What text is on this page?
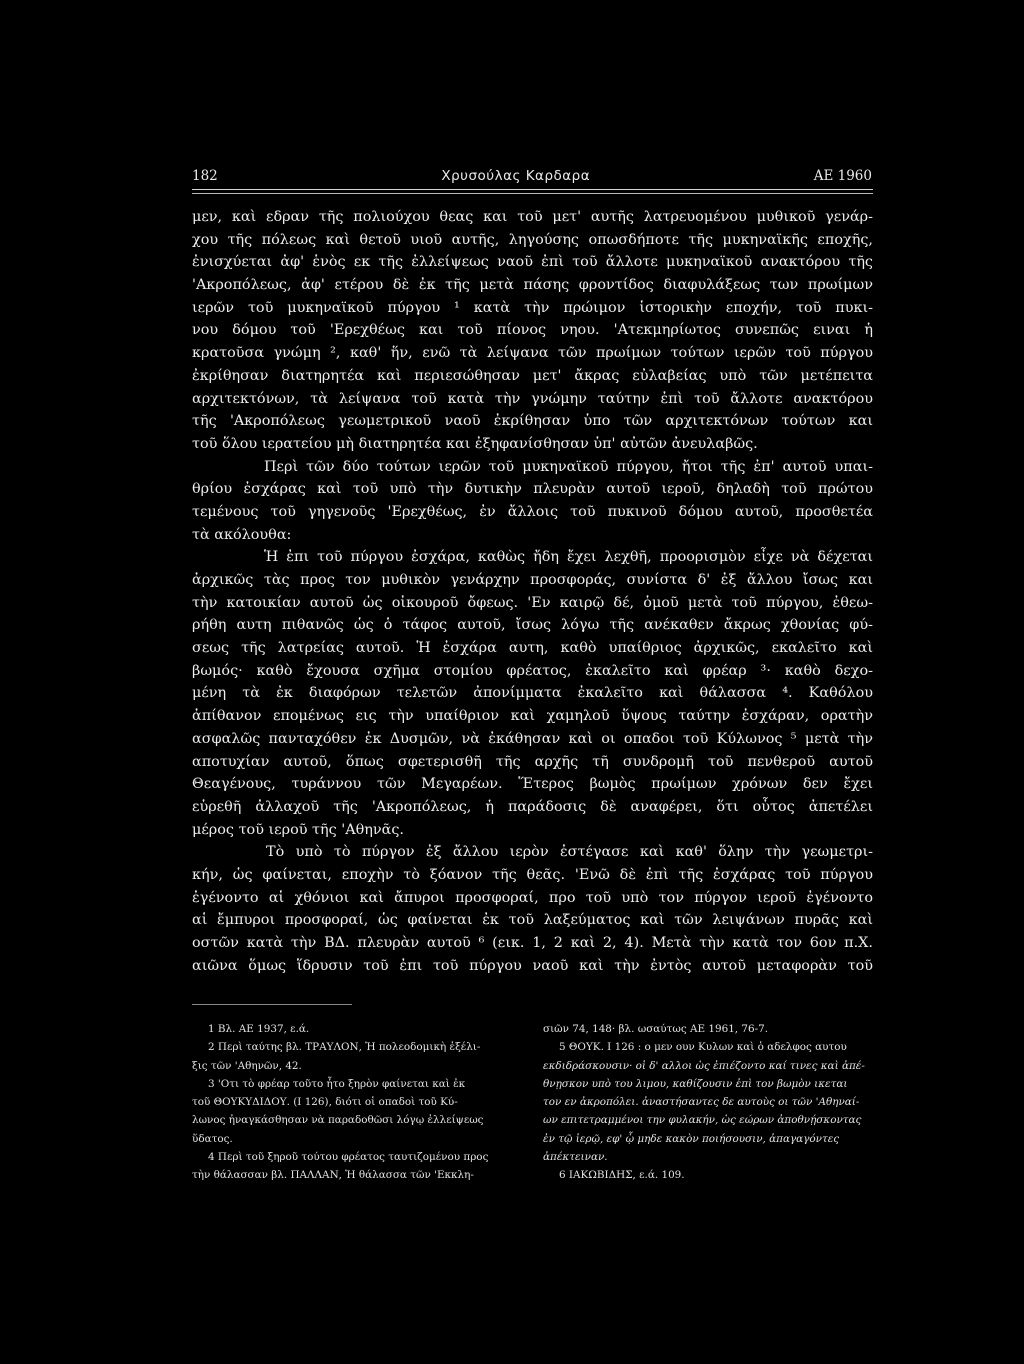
182	Χρυσούλας Καρδαρα	ΑΕ 1960
μεν, καὶ εδραν τῆς πολιούχου θεας και τοῦ μετ' αυτῆς λατρευομένου μυθικοῦ γενάρ-
χου τῆς πόλεως καὶ θετοῦ υιοῦ αυτῆς, ληγούσης οπωσδήποτε τῆς μυκηναϊκῆς εποχῆς,
ἐνισχύεται ἀφ' ἑνὸς εκ τῆς ἐλλείψεως ναοῦ ἐπὶ τοῦ ἄλλοτε μυκηναϊκοῦ ανακτόρου τῆς
'Ακροπόλεως, ἀφ' ετέρου δὲ ἐκ τῆς μετὰ πάσης φροντίδος διαφυλάξεως των πρωίμων
ιερῶν τοῦ μυκηναϊκοῦ πύργου ¹ κατὰ τὴν πρώιμον ἱστορικὴν εποχήν, τοῦ πυκι-
νου δόμου τοῦ 'Ερεχθέως και τοῦ πίονος νηου. 'Ατεκμηρίωτος συνεπῶς ειναι ἡ
κρατοῦσα γνώμη ², καθ' ἥν, ενῶ τὰ λείψανα τῶν πρωίμων τούτων ιερῶν τοῦ πύργου
ἐκρίθησαν διατηρητέα καὶ περιεσώθησαν μετ' ἄκρας εὐλαβείας υπὸ τῶν μετέπειτα
αρχιτεκτόνων, τὰ λείψανα τοῦ κατὰ τὴν γνώμην ταύτην ἐπὶ τοῦ ἄλλοτε ανακτόρου
τῆς 'Ακροπόλεως γεωμετρικοῦ ναοῦ ἐκρίθησαν ὑπο τῶν αρχιτεκτόνων τούτων και
τοῦ ὅλου ιερατείου μὴ διατηρητέα και ἐξηφανίσθησαν ὑπ' αὐτῶν ἀνευλαβῶς.
Περὶ τῶν δύο τούτων ιερῶν τοῦ μυκηναϊκοῦ πύργου, ἤτοι τῆς ἐπ' αυτοῦ υπαι-
θρίου ἐσχάρας καὶ τοῦ υπὸ τὴν δυτικὴν πλευρὰν αυτοῦ ιεροῦ, δηλαδὴ τοῦ πρώτου
τεμένους τοῦ γηγενοῦς 'Ερεχθέως, ἐν ἄλλοις τοῦ πυκινοῦ δόμου αυτοῦ, προσθετέα
τὰ ακόλουθα:
Ἡ ἐπι τοῦ πύργου ἐσχάρα, καθὼς ἤδη ἔχει λεχθῆ, προορισμὸν εἶχε νὰ δέχεται
ἀρχικῶς τὰς προς τον μυθικὸν γενάρχην προσφοράς, συνίστα δ' ἐξ ἄλλου ἴσως και
τὴν κατοικίαν αυτοῦ ὡς οἰκουροῦ ὄφεως. 'Εν καιρῷ δέ, ὁμοῦ μετὰ τοῦ πύργου, ἐθεω-
ρήθη αυτη πιθανῶς ὡς ὁ τάφος αυτοῦ, ἴσως λόγω τῆς ανέκαθεν ἄκρως χθονίας φύ-
σεως τῆς λατρείας αυτοῦ. Ἡ ἐσχάρα αυτη, καθὸ υπαίθριος ἀρχικῶς, εκαλεῖτο καὶ
βωμός· καθὸ ἔχουσα σχῆμα στομίου φρέατος, ἐκαλεῖτο καὶ φρέαρ ³· καθὸ δεχο-
μένη τὰ ἐκ διαφόρων τελετῶν ἀπονίμματα ἐκαλεῖτο καὶ θάλασσα ⁴. Καθόλου
ἀπίθανον επομένως εις τὴν υπαίθριον καὶ χαμηλοῦ ὕψους ταύτην ἐσχάραν, ορατὴν
ασφαλῶς πανταχόθεν ἐκ Δυσμῶν, νὰ ἐκάθησαν καὶ οι οπαδοι τοῦ Κύλωνος ⁵ μετὰ τὴν
αποτυχίαν αυτοῦ, ὅπως σφετερισθῆ τῆς αρχῆς τῆ συνδρομῆ τοῦ πενθεροῦ αυτοῦ
Θεαγένους, τυράννου τῶν Μεγαρέων. Ἕτερος βωμὸς πρωίμων χρόνων δεν ἔχει
εὑρεθῆ ἀλλαχοῦ τῆς 'Ακροπόλεως, ἡ παράδοσις δὲ αναφέρει, ὅτι οὗτος ἀπετέλει
μέρος τοῦ ιεροῦ τῆς 'Αθηνᾶς.
Τὸ υπὸ τὸ πύργον ἐξ ἄλλου ιερὸν ἐστέγασε καὶ καθ' ὅλην τὴν γεωμετρι-
κήν, ὡς φαίνεται, εποχὴν τὸ ξόανον τῆς θεᾶς. 'Ενῶ δὲ ἐπὶ τῆς ἐσχάρας τοῦ πύργου
ἐγένοντο αἱ χθόνιοι καὶ ἄπυροι προσφοραί, προ τοῦ υπὸ τον πύργον ιεροῦ ἐγένοντο
αἱ ἔμπυροι προσφοραί, ὡς φαίνεται ἐκ τοῦ λαξεύματος καὶ τῶν λειψάνων πυρᾶς καὶ
οστῶν κατὰ τὴν ΒΔ. πλευρὰν αυτοῦ ⁶ (εικ. 1, 2 καὶ 2, 4). Μετὰ τὴν κατὰ τον 6ον π.Χ.
αιῶνα ὅμως ἵδρυσιν τοῦ ἐπι τοῦ πύργου ναοῦ καὶ τὴν ἐντὸς αυτοῦ μεταφορὰν τοῦ
1 Βλ. ΑΕ 1937, ε.ά.
2 Περὶ ταύτης βλ. ΤΡΑΥΛΟΝ, Ἡ πολεοδομικὴ ἐξέλι-
ξις τῶν 'Αθηνῶν, 42.
3 'Οτι τὸ φρέαρ τοῦτο ἦτο ξηρὸν φαίνεται καὶ ἐκ
τοῦ ΘΟΥΚΥΔΙΔΟΥ. (Ι 126), διότι οἱ οπαδοὶ τοῦ Κύ-
λωνος ἠναγκάσθησαν νὰ παραδοθῶσι λόγῳ ἐλλείψεως
ὕδατος.
4 Περὶ τοῦ ξηροῦ τούτου φρέατος ταυτιζομένου προς
τὴν θάλασσαν βλ. ΠΑΛΛΑΝ, Ἡ θάλασσα τῶν 'Εκκλη-
σιῶν 74, 148· βλ. ωσαύτως ΑΕ 1961, 76-7.
5 ΘΟΥΚ. Ι 126 : ο μεν ουν Κυλων καὶ ὁ αδελφος αυτου
εκδιδράσκουσιν· οἱ δ' αλλοι ὡς ἐπιέζοντο καί τινες καὶ ἀπέ-
θνῃσκον υπὸ του λιμου, καθίζουσιν ἐπὶ τον βωμὸν ικεται
τον εν ἀκροπόλει. ἀναστήσαντες δε αυτοὺς οι τῶν 'Αθηναί-
ων επιτετραμμένοι την φυλακήν, ὡς εώρων ἀποθνῄσκοντας
ἐν τῷ ἱερῷ, εφ' ᾧ μηδε κακὸν ποιήσουσιν, ἀπαγαγόντες
ἀπέκτειναν.
6 ΙΑΚΩΒΙΔΗΣ, ε.ά. 109.
